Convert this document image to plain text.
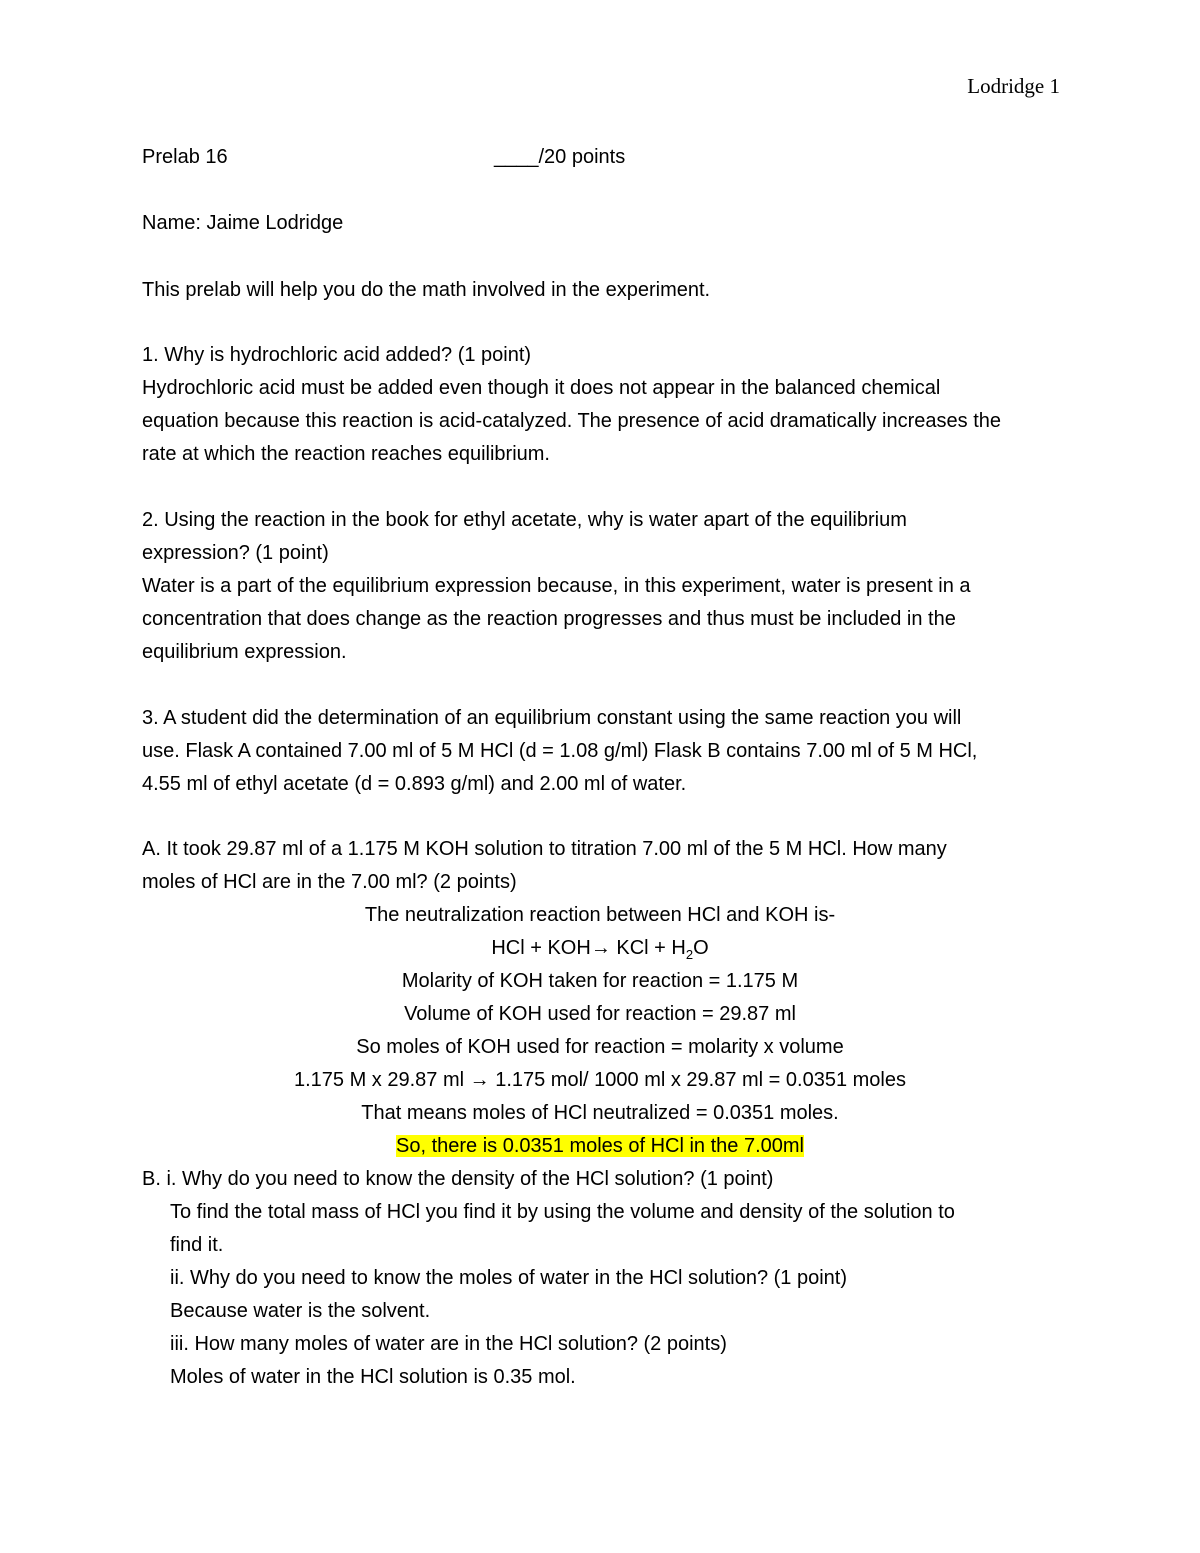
Lodridge 1
Prelab 16	____/20 points
Name: Jaime Lodridge
This prelab will help you do the math involved in the experiment.
1. Why is hydrochloric acid added? (1 point)
Hydrochloric acid must be added even though it does not appear in the balanced chemical
equation because this reaction is acid-catalyzed. The presence of acid dramatically increases the
rate at which the reaction reaches equilibrium.
2. Using the reaction in the book for ethyl acetate, why is water apart of the equilibrium
expression? (1 point)
Water is a part of the equilibrium expression because, in this experiment, water is present in a
concentration that does change as the reaction progresses and thus must be included in the
equilibrium expression.
3. A student did the determination of an equilibrium constant using the same reaction you will
use. Flask A contained 7.00 ml of 5 M HCl (d = 1.08 g/ml) Flask B contains 7.00 ml of 5 M HCl,
4.55 ml of ethyl acetate (d = 0.893 g/ml) and 2.00 ml of water.
A. It took 29.87 ml of a 1.175 M KOH solution to titration 7.00 ml of the 5 M HCl. How many
moles of HCl are in the 7.00 ml? (2 points)
The neutralization reaction between HCl and KOH is-
HCl + KOH→ KCl + $H_2O$
Molarity of KOH taken for reaction = 1.175 M
Volume of KOH used for reaction = 29.87 ml
So moles of KOH used for reaction = molarity x volume
1.175 M x 29.87 ml → 1.175 mol/ 1000 ml x 29.87 ml = 0.0351 moles
That means moles of HCl neutralized = 0.0351 moles.
So, there is 0.0351 moles of HCl in the 7.00ml
B. i. Why do you need to know the density of the HCl solution? (1 point)
To find the total mass of HCl you find it by using the volume and density of the solution to
find it.
ii. Why do you need to know the moles of water in the HCl solution? (1 point)
Because water is the solvent.
iii. How many moles of water are in the HCl solution? (2 points)
Moles of water in the HCl solution is 0.35 mol.
